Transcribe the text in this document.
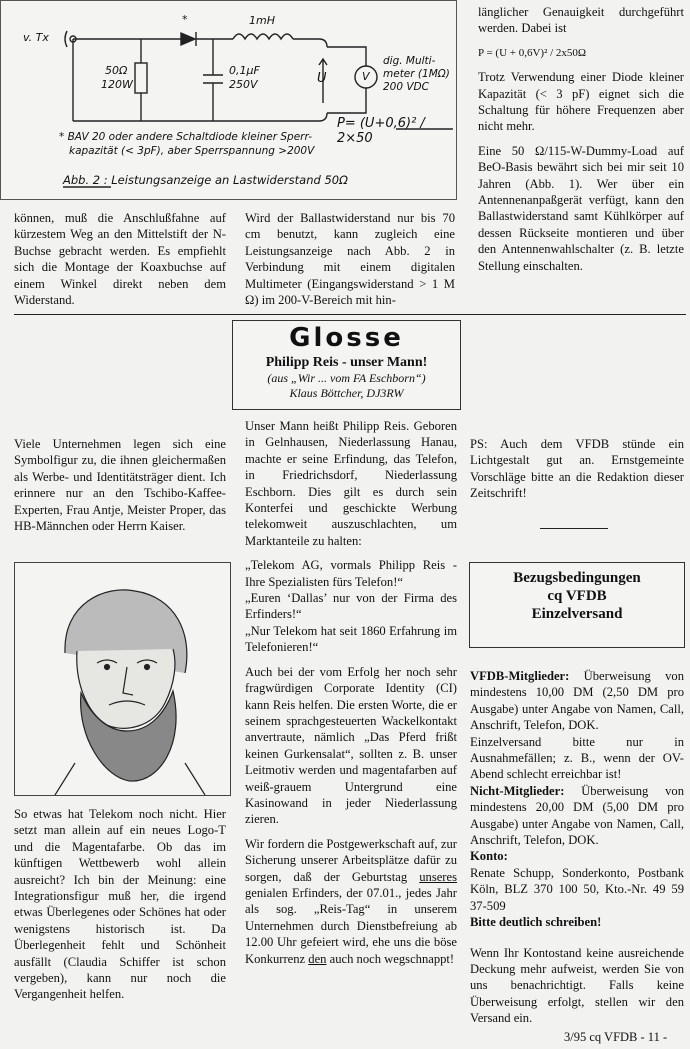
v. Tx
*	1mH
50Ω
120W
0,1μF
250V	U	V
dig. Multi-
meter (1MΩ)
200 VDC
P= (U+0,6)² / 2×50
* BAV 20 oder andere Schaltdiode kleiner Sperr-
kapazität (< 3pF), aber Sperrspannung >200V
Abb. 2 : Leistungsanzeige an Lastwiderstand 50Ω

länglicher Genauigkeit durchgeführt werden. Dabei ist

P = (U + 0,6V)² / 2x50Ω

Trotz Verwendung einer Diode kleiner Kapazität (< 3 pF) eignet sich die Schaltung für höhere Frequenzen aber nicht mehr.

Eine 50 Ω/115-W-Dummy-Load auf BeO-Basis bewährt sich bei mir seit 10 Jahren (Abb. 1). Wer über ein Antennenanpaßgerät verfügt, kann den Ballastwiderstand samt Kühlkörper auf dessen Rückseite montieren und über den Antennenwahlschalter (z. B. letzte Stellung einschalten.

können, muß die Anschlußfahne auf kürzestem Weg an den Mittelstift der N-Buchse gebracht werden. Es empfiehlt sich die Montage der Koaxbuchse auf einem Winkel direkt neben dem Widerstand.
Wird der Ballastwiderstand nur bis 70 cm benutzt, kann zugleich eine Leistungsanzeige nach Abb. 2 in Verbindung mit einem digitalen Multimeter (Eingangswiderstand > 1 M Ω) im 200-V-Bereich mit hin-
Glosse
Philipp Reis - unser Mann!
(aus „Wir ... vom FA Eschborn“)
Klaus Böttcher, DJ3RW
Viele Unternehmen legen sich eine Symbolfigur zu, die ihnen gleichermaßen als Werbe- und Identitätsträger dient. Ich erinnere nur an den Tschibo-Kaffee-Experten, Frau Antje, Meister Proper, das HB-Männchen oder Herrn Kaiser.
So etwas hat Telekom noch nicht. Hier setzt man allein auf ein neues Logo-T und die Magentafarbe. Ob das im künftigen Wettbewerb wohl allein ausreicht? Ich bin der Meinung: eine Integrationsfigur muß her, die irgend etwas Überlegenes oder Schönes hat oder wenigstens historisch ist. Da Überlegenheit fehlt und Schönheit ausfällt (Claudia Schiffer ist schon vergeben), kann nur noch die Vergangenheit helfen.

Unser Mann heißt Philipp Reis. Geboren in Gelnhausen, Niederlassung Hanau, machte er seine Erfindung, das Telefon, in Friedrichsdorf, Niederlassung Eschborn. Dies gilt es durch sein Konterfei und geschickte Werbung telekomweit auszuschlachten, um Marktanteile zu halten:

„Telekom AG, vormals Philipp Reis - Ihre Spezialisten fürs Telefon!“

„Euren ‘Dallas’ nur von der Firma des Erfinders!“

„Nur Telekom hat seit 1860 Erfahrung im Telefonieren!“

Auch bei der vom Erfolg her noch sehr fragwürdigen Corporate Identity (CI) kann Reis helfen. Die ersten Worte, die er seinem sprachgesteuerten Wackelkontakt anvertraute, nämlich „Das Pferd frißt keinen Gurkensalat“, sollten z. B. unser Leitmotiv werden und magentafarben auf weiß-grauem Untergrund eine Kasinowand in jeder Niederlassung zieren.

Wir fordern die Postgewerkschaft auf, zur Sicherung unserer Arbeitsplätze dafür zu sorgen, daß der Geburtstag unseres genialen Erfinders, der 07.01., jedes Jahr als sog. „Reis-Tag“ in unserem Unternehmen durch Dienstbefreiung ab 12.00 Uhr gefeiert wird, ehe uns die böse Konkurrenz den auch noch wegschnappt!

PS: Auch dem VFDB stünde ein Lichtgestalt gut an. Ernstgemeinte Vorschläge bitte an die Redaktion dieser Zeitschrift!
Bezugsbedingungen
cq VFDB
Einzelversand

VFDB-Mitglieder: Überweisung von mindestens 10,00 DM (2,50 DM pro Ausgabe) unter Angabe von Namen, Call, Anschrift, Telefon, DOK.

Einzelversand bitte nur in Ausnahmefällen; z. B., wenn der OV-Abend schlecht erreichbar ist!

Nicht-Mitglieder: Überweisung von mindestens 20,00 DM (5,00 DM pro Ausgabe) unter Angabe von Namen, Call, Anschrift, Telefon, DOK.

Konto:

Renate Schupp, Sonderkonto, Postbank Köln, BLZ 370 100 50, Kto.-Nr. 49 59 37-509

Bitte deutlich schreiben!

Wenn Ihr Kontostand keine ausreichende Deckung mehr aufweist, werden Sie von uns benachrichtigt. Falls keine Überweisung erfolgt, stellen wir den Versand ein.

3/95 cq VFDB - 11 -
